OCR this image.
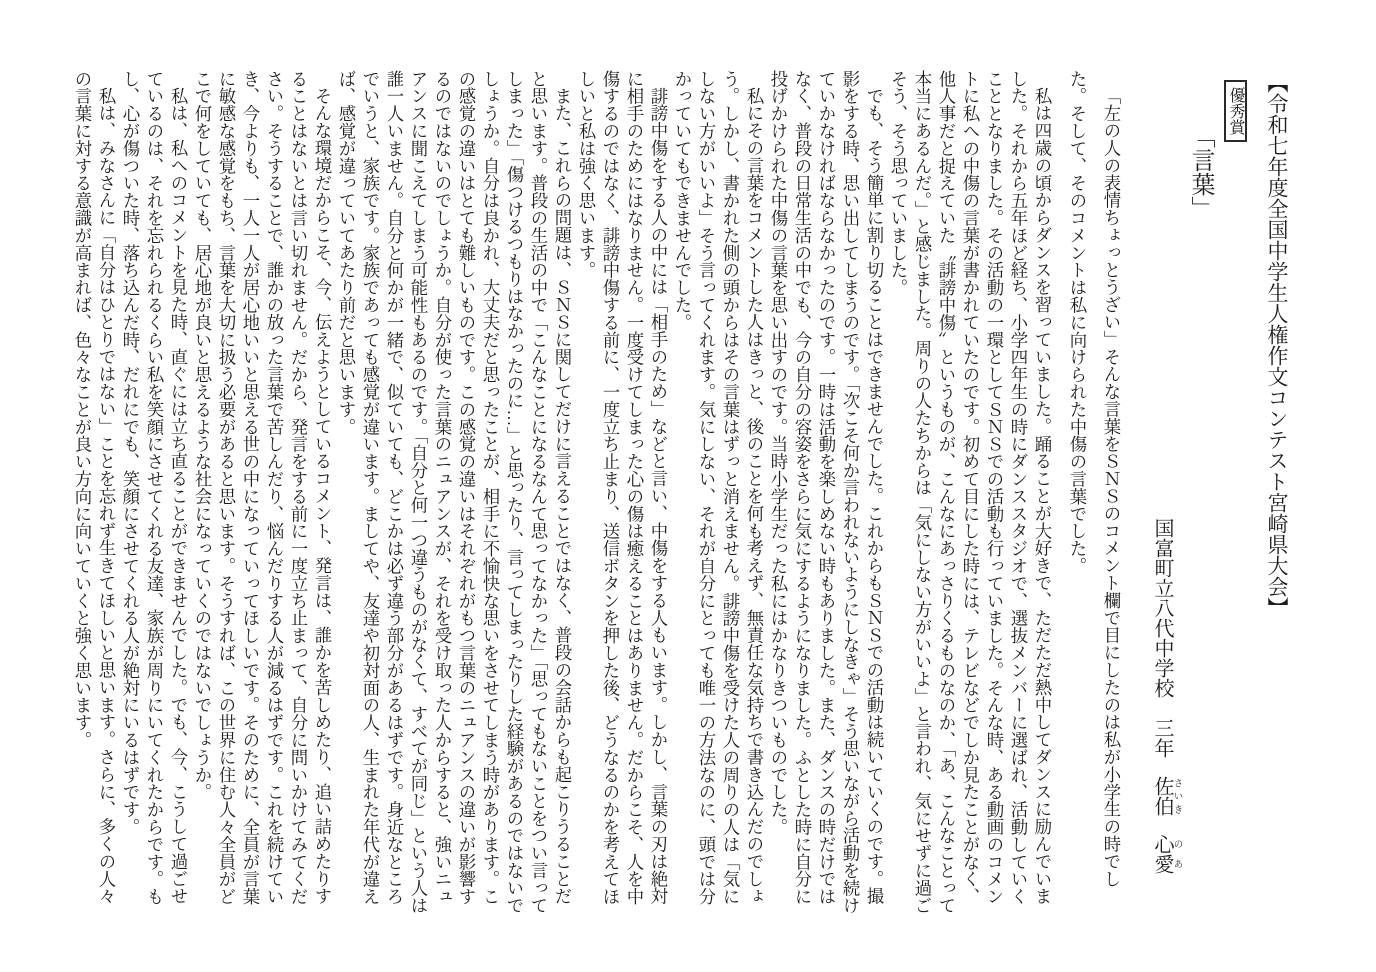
【令和七年度全国中学生人権作文コンテスト宮崎県大会】
優秀賞
「言葉」
国富町立八代中学校　三年佐伯さいき心愛のあ

「左の人の表情ちょっとうざい」そんな言葉をＳＮＳのコメント欄で目にしたのは私が小学生の時でした。そして、そのコメントは私に向けられた中傷の言葉でした。

私は四歳の頃からダンスを習っていました。踊ることが大好きで、ただただ熱中してダンスに励んでいました。それから五年ほど経ち、小学四年生の時にダンススタジオで、選抜メンバーに選ばれ、活動していくこととなりました。その活動の一環としてＳＮＳでの活動も行っていました。そんな時、ある動画のコメントに私への中傷の言葉が書かれていたのです。初めて目にした時には、テレビなどでしか見たことがなく、他人事だと捉えていた〝誹謗中傷〟というものが、こんなにあっさりくるものなのか、「あ、こんなことって本当にあるんだ。」と感じました。周りの人たちからは「気にしない方がいいよ」と言われ、気にせずに過ごそう、そう思っていました。

でも、そう簡単に割り切ることはできませんでした。これからもＳＮＳでの活動は続いていくのです。撮影をする時、思い出してしまうのです。「次こそ何か言われないようにしなきゃ」そう思いながら活動を続けていかなければならなかったのです。一時は活動を楽しめない時もありました。また、ダンスの時だけではなく、普段の日常生活の中でも、今の自分の容姿をさらに気にするようになりました。ふとした時に自分に投げかけられた中傷の言葉を思い出すのです。当時小学生だった私にはかなりきついものでした。

私にその言葉をコメントした人はきっと、後のことを何も考えず、無責任な気持ちで書き込んだのでしょう。しかし、書かれた側の頭からはその言葉はずっと消えません。誹謗中傷を受けた人の周りの人は「気にしない方がいいよ」そう言ってくれます。気にしない、それが自分にとっても唯一の方法なのに、頭では分かっていてもできませんでした。

誹謗中傷をする人の中には「相手のため」などと言い、中傷をする人もいます。しかし、言葉の刃は絶対に相手のためにはなりません。一度受けてしまった心の傷は癒えることはありません。だからこそ、人を中傷するのではなく、誹謗中傷する前に、一度立ち止まり、送信ボタンを押した後、どうなるのかを考えてほしいと私は強く思います。

また、これらの問題は、ＳＮＳに関してだけに言えることではなく、普段の会話からも起こりうることだと思います。普段の生活の中で「こんなことになるなんて思ってなかった」「思ってもないことをつい言ってしまった」「傷つけるつもりはなかったのに…」と思ったり、言ってしまったりした経験があるのではないでしょうか。自分は良かれ、大丈夫だと思ったことが、相手に不愉快な思いをさせてしまう時があります。この感覚の違いはとても難しいものです。この感覚の違いはそれぞれがもつ言葉のニュアンスの違いが影響するのではないのでしょうか。自分が使った言葉のニュアンスが、それを受け取った人からすると、強いニュアンスに聞こえてしまう可能性もあるのです。「自分と何一つ違うものがなくて、すべてが同じ」という人は誰一人いません。自分と何かが一緒で、似ていても、どこかは必ず違う部分があるはずです。身近なところでいうと、家族です。家族であっても感覚が違います。ましてや、友達や初対面の人、生まれた年代が違えば、感覚が違っていてあたり前だと思います。

そんな環境だからこそ、今、伝えようとしているコメント、発言は、誰かを苦しめたり、追い詰めたりすることはないとは言い切れません。だから、発言をする前に一度立ち止まって、自分に問いかけてみてください。そうすることで、誰かの放った言葉で苦しんだり、悩んだりする人が減るはずです。これを続けていき、今よりも、一人一人が居心地いいと思える世の中になっていってほしいです。そのために、全員が言葉に敏感な感覚をもち、言葉を大切に扱う必要があると思います。そうすれば、この世界に住む人々全員がどこで何をしていても、居心地が良いと思えるような社会になっていくのではないでしょうか。

私は、私へのコメントを見た時、直ぐには立ち直ることができませんでした。でも、今、こうして過ごせているのは、それを忘れられるくらい私を笑顔にさせてくれる友達、家族が周りにいてくれたからです。もし、心が傷ついた時、落ち込んだ時、だれにでも、笑顔にさせてくれる人が絶対にいるはずです。

私は、みなさんに「自分はひとりではない」ことを忘れず生きてほしいと思います。さらに、多くの人々の言葉に対する意識が高まれば、色々なことが良い方向に向いていくと強く思います。
